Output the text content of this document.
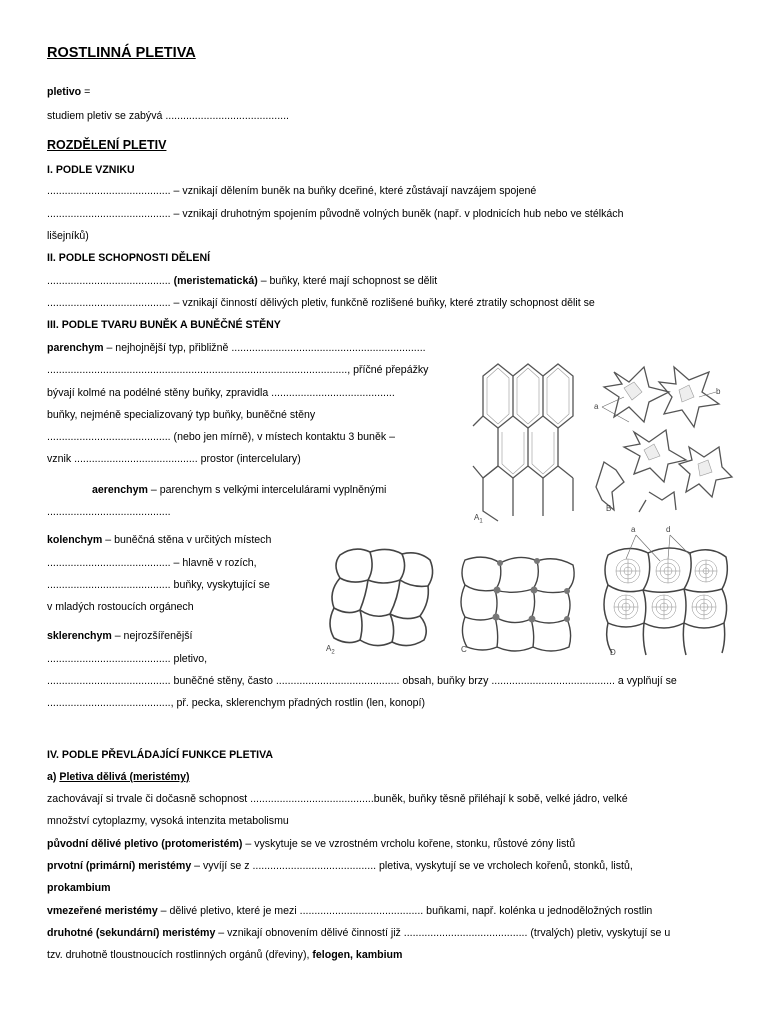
ROSTLINNÁ PLETIVA
pletivo =
studiem pletiv se zabývá ..........................................
ROZDĚLENÍ PLETIV
I. PODLE VZNIKU
.......................................... – vznikají dělením buněk na buňky dceřiné, které zůstávají navzájem spojené
.......................................... – vznikají druhotným spojením původně volných buněk (např. v plodnicích hub nebo ve stélkách
lišejníků)
II. PODLE SCHOPNOSTI DĚLENÍ
.......................................... (meristematická) – buňky, které mají schopnost se dělit
.......................................... – vznikají činností dělivých pletiv, funkčně rozlišené buňky, které ztratily schopnost dělit se
III. PODLE TVARU BUNĚK A BUNĚČNÉ STĚNY
parenchym – nejhojnější typ, přibližně ..................................................................
......................................................................................................, příčné přepážky
bývají kolmé na podélné stěny buňky, zpravidla ..........................................
buňky, nejméně specializovaný typ buňky, buněčné stěny
.......................................... (nebo jen mírně), v místech kontaktu 3 buněk –
vznik .......................................... prostor (intercelulary)
aerenchym – parenchym s velkými intercelulárami vyplněnými
..........................................
kolenchym – buněčná stěna v určitých místech
.......................................... – hlavně v rozích,
.......................................... buňky, vyskytující se
v mladých rostoucích orgánech
sklerenchym – nejrozšířenější
.......................................... pletivo,
.......................................... buněčné stěny, často .......................................... obsah, buňky brzy .......................................... a vyplňují se
.........................................., př. pecka, sklerenchym přadných rostlin (len, konopí)
IV. PODLE PŘEVLÁDAJÍCÍ FUNKCE PLETIVA
a) Pletiva dělivá (meristémy)
zachovávají si trvale či dočasně schopnost ..........................................buněk, buňky těsně přiléhají k sobě, velké jádro, velké
množství cytoplazmy, vysoká intenzita metabolismu
původní dělivé pletivo (protomeristém) – vyskytuje se ve vzrostném vrcholu kořene, stonku, růstové zóny listů
prvotní (primární) meristémy – vyvíjí se z .......................................... pletiva, vyskytují se ve vrcholech kořenů, stonků, listů,
prokambium
vmezeřené meristémy – dělivé pletivo, které je mezi .......................................... buňkami, např. kolénka u jednoděložných rostlin
druhotné (sekundární) meristémy – vznikají obnovením dělivé činností již .......................................... (trvalých) pletiv, vyskytují se u
tzv. druhotně tloustnoucích rostlinných orgánů (dřeviny), felogen, kambium
$A_1$
a
b
B
$A_2$	C
a	d
D
